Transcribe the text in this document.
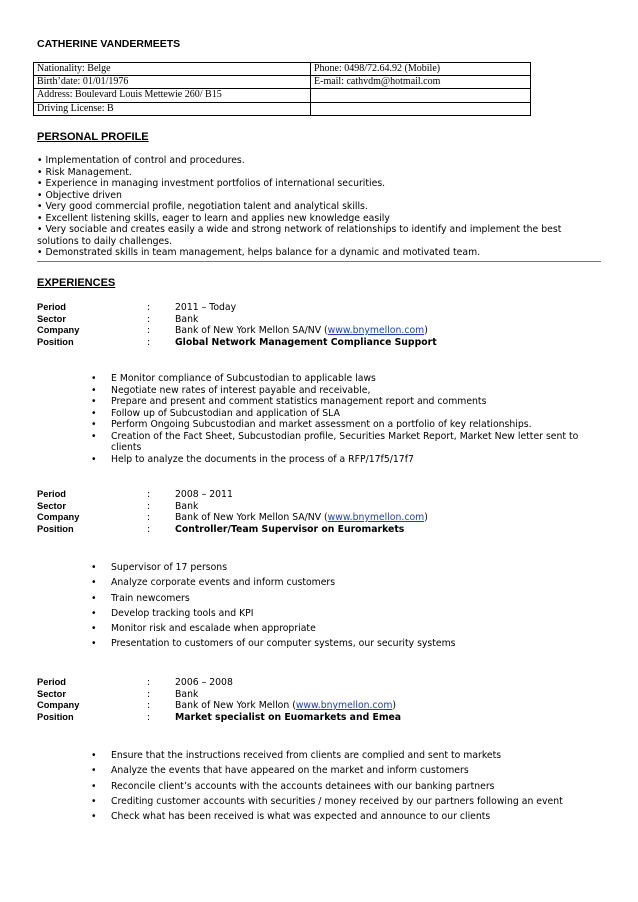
CATHERINE VANDERMEETS
Nationality: Belge	Phone: 0498/72.64.92 (Mobile)
Birth’date: 01/01/1976	E-mail: cathvdm@hotmail.com
Address: Boulevard Louis Mettewie 260/ B15	
Driving License: B	
PERSONAL PROFILE
• Implementation of control and procedures.
• Risk Management.
• Experience in managing investment portfolios of international securities.
• Objective driven
• Very good commercial profile, negotiation talent and analytical skills.
• Excellent listening skills, eager to learn and applies new knowledge easily
• Very sociable and creates easily a wide and strong network of relationships to identify and implement the best solutions to daily challenges.
• Demonstrated skills in team management, helps balance for a dynamic and motivated team.
EXPERIENCES
Period	:	2011 – Today
Sector	:	Bank
Company	:	Bank of New York Mellon SA/NV (www.bnymellon.com)
Position	:	Global Network Management Compliance Support
• E Monitor compliance of Subcustodian to applicable laws
• Negotiate new rates of interest payable and receivable,
• Prepare and present and comment statistics management report and comments
• Follow up of Subcustodian and application of SLA
• Perform Ongoing Subcustodian and market assessment on a portfolio of key relationships.
• Creation of the Fact Sheet, Subcustodian profile, Securities Market Report, Market New letter sent to clients
• Help to analyze the documents in the process of a RFP/17f5/17f7
Period	:	2008 – 2011
Sector	:	Bank
Company	:	Bank of New York Mellon SA/NV (www.bnymellon.com)
Position	:	Controller/Team Supervisor on Euromarkets
• Supervisor of 17 persons
• Analyze corporate events and inform customers
• Train newcomers
• Develop tracking tools and KPI
• Monitor risk and escalade when appropriate
• Presentation to customers of our computer systems, our security systems
Period	:	2006 – 2008
Sector	:	Bank
Company	:	Bank of New York Mellon (www.bnymellon.com)
Position	:	Market specialist on Euomarkets and Emea
• Ensure that the instructions received from clients are complied and sent to markets
• Analyze the events that have appeared on the market and inform customers
• Reconcile client’s accounts with the accounts detainees with our banking partners
• Crediting customer accounts with securities / money received by our partners following an event
• Check what has been received is what was expected and announce to our clients
